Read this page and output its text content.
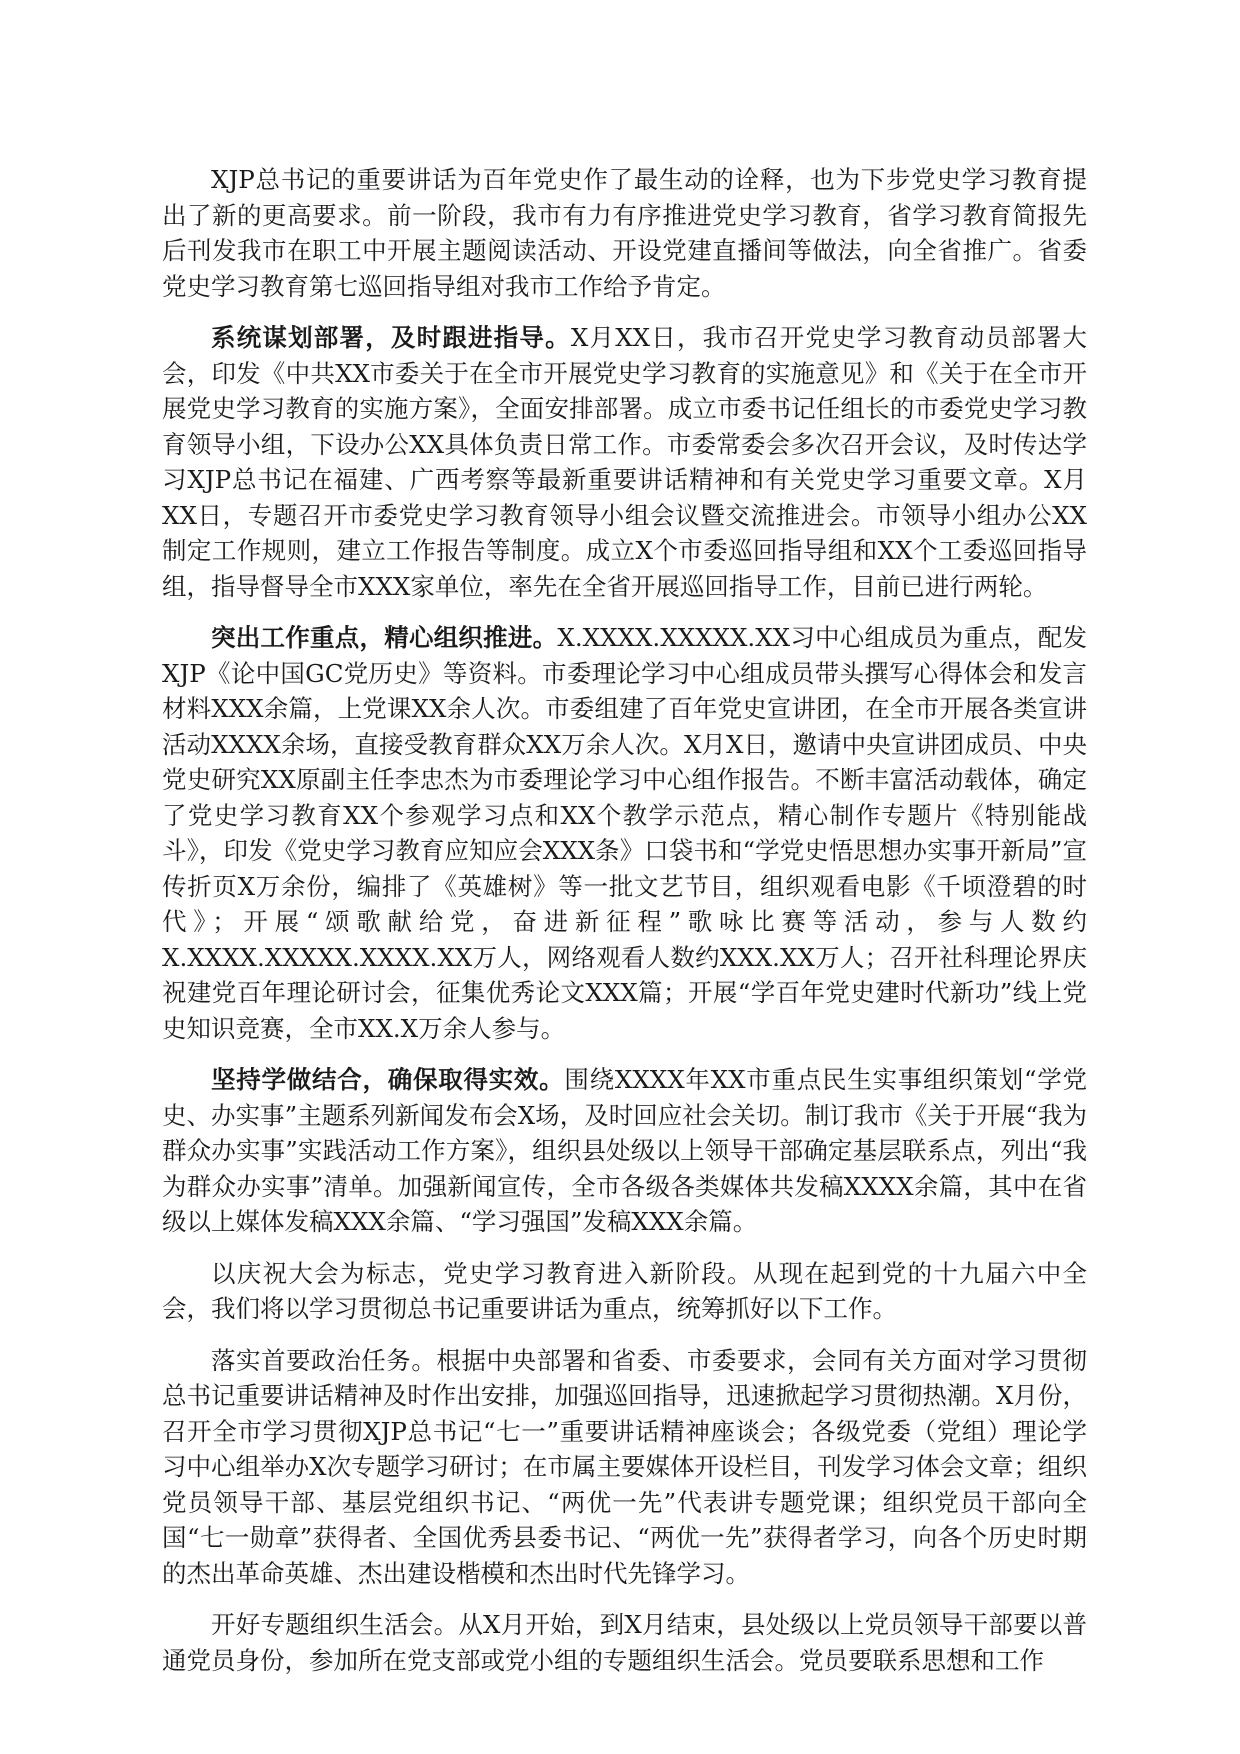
XJP总书记的重要讲话为百年党史作了最生动的诠释，也为下步党史学习教育提出了新的更高要求。前一阶段，我市有力有序推进党史学习教育，省学习教育简报先后刊发我市在职工中开展主题阅读活动、开设党建直播间等做法，向全省推广。省委党史学习教育第七巡回指导组对我市工作给予肯定。

系统谋划部署，及时跟进指导。X月XX日，我市召开党史学习教育动员部署大会，印发《中共XX市委关于在全市开展党史学习教育的实施意见》和《关于在全市开展党史学习教育的实施方案》，全面安排部署。成立市委书记任组长的市委党史学习教育领导小组，下设办公XX具体负责日常工作。市委常委会多次召开会议，及时传达学习XJP总书记在福建、广西考察等最新重要讲话精神和有关党史学习重要文章。X月XX日，专题召开市委党史学习教育领导小组会议暨交流推进会。市领导小组办公XX制定工作规则，建立工作报告等制度。成立X个市委巡回指导组和XX个工委巡回指导组，指导督导全市XXX家单位，率先在全省开展巡回指导工作，目前已进行两轮。

突出工作重点，精心组织推进。X.XXXX.XXXXX.XX习中心组成员为重点，配发XJP《论中国GC党历史》等资料。市委理论学习中心组成员带头撰写心得体会和发言材料XXX余篇，上党课XX余人次。市委组建了百年党史宣讲团，在全市开展各类宣讲活动XXXX余场，直接受教育群众XX万余人次。X月X日，邀请中央宣讲团成员、中央党史研究XX原副主任李忠杰为市委理论学习中心组作报告。不断丰富活动载体，确定了党史学习教育XX个参观学习点和XX个教学示范点，精心制作专题片《特别能战斗》，印发《党史学习教育应知应会XXX条》口袋书和“学党史悟思想办实事开新局”宣传折页X万余份，编排了《英雄树》等一批文艺节目，组织观看电影《千顷澄碧的时代》；开展“颂歌献给党，奋进新征程”歌咏比赛等活动，参与人数约X.XXXX.XXXXX.XXXX.XX万人，网络观看人数约XXX.XX万人；召开社科理论界庆祝建党百年理论研讨会，征集优秀论文XXX篇；开展“学百年党史建时代新功”线上党史知识竞赛，全市XX.X万余人参与。

坚持学做结合，确保取得实效。围绕XXXX年XX市重点民生实事组织策划“学党史、办实事”主题系列新闻发布会X场，及时回应社会关切。制订我市《关于开展“我为群众办实事”实践活动工作方案》，组织县处级以上领导干部确定基层联系点，列出“我为群众办实事”清单。加强新闻宣传，全市各级各类媒体共发稿XXXX余篇，其中在省级以上媒体发稿XXX余篇、“学习强国”发稿XXX余篇。

以庆祝大会为标志，党史学习教育进入新阶段。从现在起到党的十九届六中全会，我们将以学习贯彻总书记重要讲话为重点，统筹抓好以下工作。

落实首要政治任务。根据中央部署和省委、市委要求，会同有关方面对学习贯彻总书记重要讲话精神及时作出安排，加强巡回指导，迅速掀起学习贯彻热潮。X月份，召开全市学习贯彻XJP总书记“七一”重要讲话精神座谈会；各级党委（党组）理论学习中心组举办X次专题学习研讨；在市属主要媒体开设栏目，刊发学习体会文章；组织党员领导干部、基层党组织书记、“两优一先”代表讲专题党课；组织党员干部向全国“七一勋章”获得者、全国优秀县委书记、“两优一先”获得者学习，向各个历史时期的杰出革命英雄、杰出建设楷模和杰出时代先锋学习。

开好专题组织生活会。从X月开始，到X月结束，县处级以上党员领导干部要以普通党员身份，参加所在党支部或党小组的专题组织生活会。党员要联系思想和工作
